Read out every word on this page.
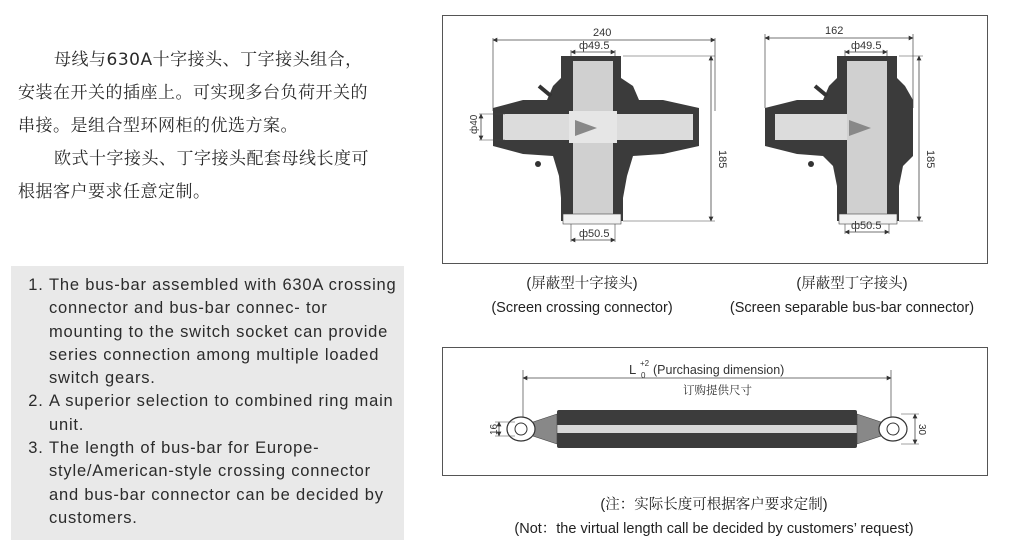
母线与630A十字接头、丁字接头组合，

安装在开关的插座上。可实现多台负荷开关的

串接。是组合型环网柜的优选方案。

欧式十字接头、丁字接头配套母线长度可

根据客户要求任意定制。

1. The bus-bar assembled with 630A crossing connector and bus-bar connec- tor mounting to the switch socket can provide series connection among multiple loaded switch gears.
2. A superior selection to combined ring main unit.
3. The length of bus-bar for Europe-style/American-style crossing connector and bus-bar connector can be decided by customers.
240
ф49.5
ф40
185
ф50.5
162
ф49.5
185
ф50.5
(屏蔽型十字接头)
(Screen crossing connector)
(屏蔽型丁字接头)
(Screen separable bus-bar connector)
L +2
0 (Purchasing dimension)
订购提供尺寸
16	30
(注：实际长度可根据客户要求定制)
(Not：the virtual length call be decided by customers’ request)
